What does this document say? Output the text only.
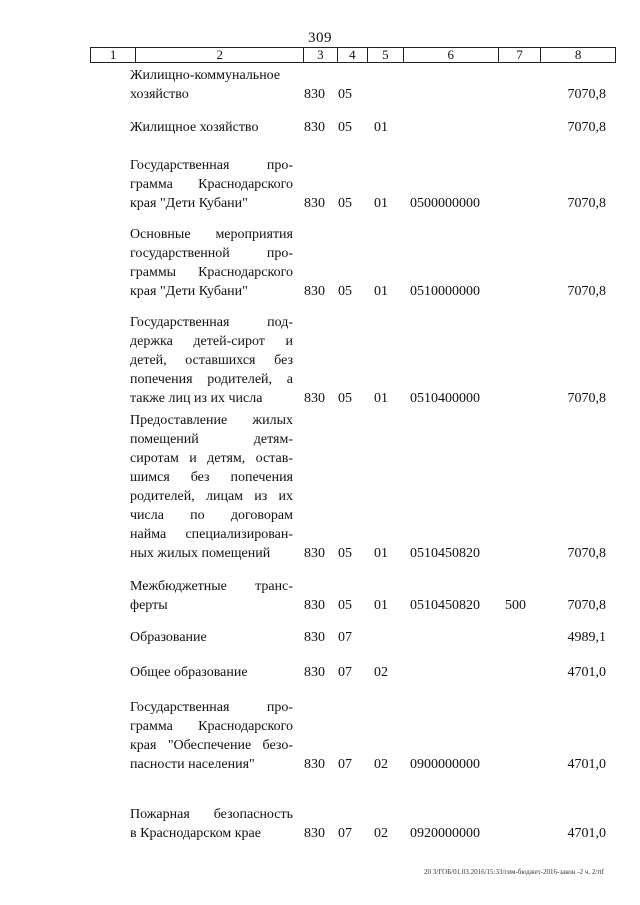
309
1	2	3	4	5	6	7	8
Жилищно-коммунальное
хозяйство	830 05	7070,8
Жилищное хозяйство	830 05 01	7070,8
Государственная про-
грамма Краснодарского
края "Дети Кубани"	830 05 01 0500000000	7070,8
Основные мероприятия
государственной про-
граммы Краснодарского
края "Дети Кубани"	830 05 01 0510000000	7070,8
Государственная под-
держка детей-сирот и
детей, оставшихся без
попечения родителей, а
также лиц из их числа	830 05 01 0510400000	7070,8
Предоставление жилых
помещений детям-
сиротам и детям, остав-
шимся без попечения
родителей, лицам из их
числа по договорам
найма специализирован-
ных жилых помещений	830 05 01 0510450820	7070,8
Межбюджетные транс-
ферты	830 05 01 0510450820 500	7070,8
Образование	830 07	4989,1
Общее образование	830 07 02	4701,0
Государственная про-
грамма Краснодарского
края "Обеспечение безо-
пасности населения"	830 07 02 0900000000	4701,0
Пожарная безопасность
в Краснодарском крае	830 07 02 0920000000	4701,0
20 3/ГОБ/01.03.2016/15:33/гим-бюджет-2016-закон -2 ч. 2/rtf
